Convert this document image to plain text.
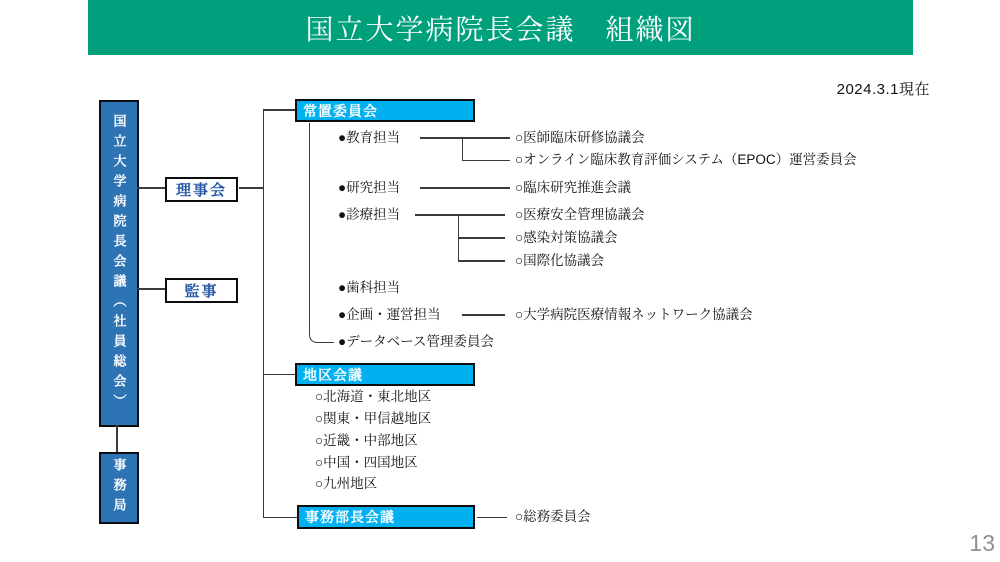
国立大学病院長会議　組織図
2024.3.1現在
国立大学病院長会議（社員総会）
事務局
理事会
監事
常置委員会
●教育担当
●研究担当
●診療担当
●歯科担当
●企画・運営担当
●データベース管理委員会
○医師臨床研修協議会
○オンライン臨床教育評価システム（EPOC）運営委員会
○臨床研究推進会議
○医療安全管理協議会
○感染対策協議会
○国際化協議会
○大学病院医療情報ネットワーク協議会
地区会議
○北海道・東北地区
○関東・甲信越地区
○近畿・中部地区
○中国・四国地区
○九州地区
事務部長会議	○総務委員会
13
